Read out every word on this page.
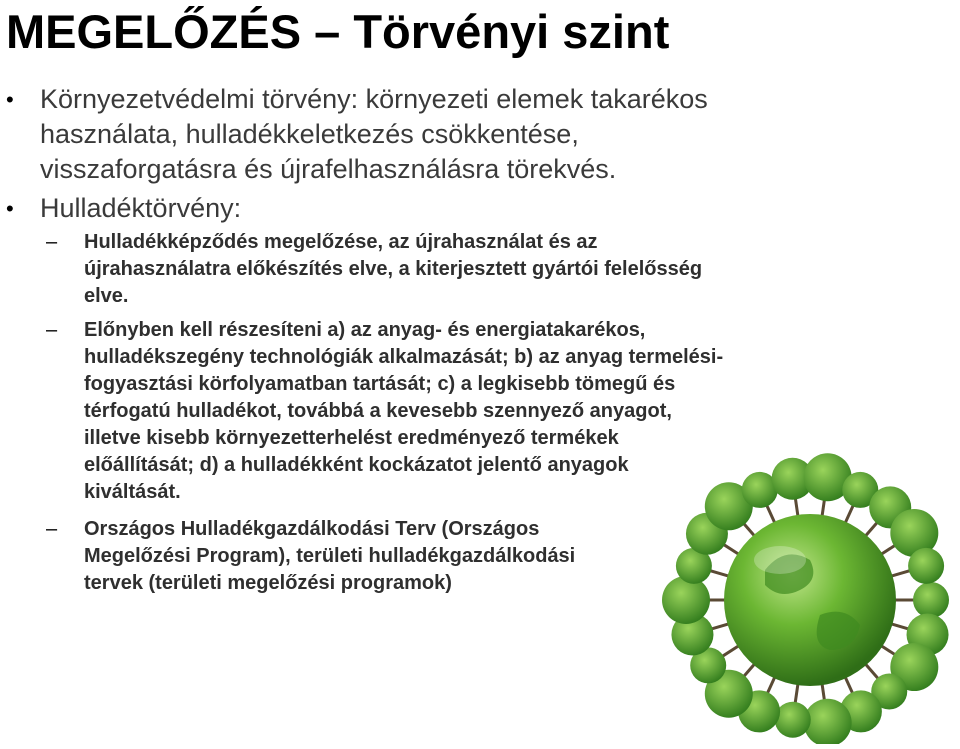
MEGELŐZÉS – Törvényi szint
• Környezetvédelmi törvény: környezeti elemek takarékos
használata, hulladékkeletkezés csökkentése,
visszaforgatásra és újrafelhasználásra törekvés.
• Hulladéktörvény:
– Hulladékképződés megelőzése, az újrahasználat és az
újrahasználatra előkészítés elve, a kiterjesztett gyártói felelősség
elve.
– Előnyben kell részesíteni a) az anyag- és energiatakarékos,
hulladékszegény technológiák alkalmazását; b) az anyag termelési-
fogyasztási körfolyamatban tartását; c) a legkisebb tömegű és
térfogatú hulladékot, továbbá a kevesebb szennyező anyagot,
illetve kisebb környezetterhelést eredményező termékek
előállítását; d) a hulladékként kockázatot jelentő anyagok
kiváltását.
– Országos Hulladékgazdálkodási Terv (Országos
Megelőzési Program), területi hulladékgazdálkodási
tervek (területi megelőzési programok)
